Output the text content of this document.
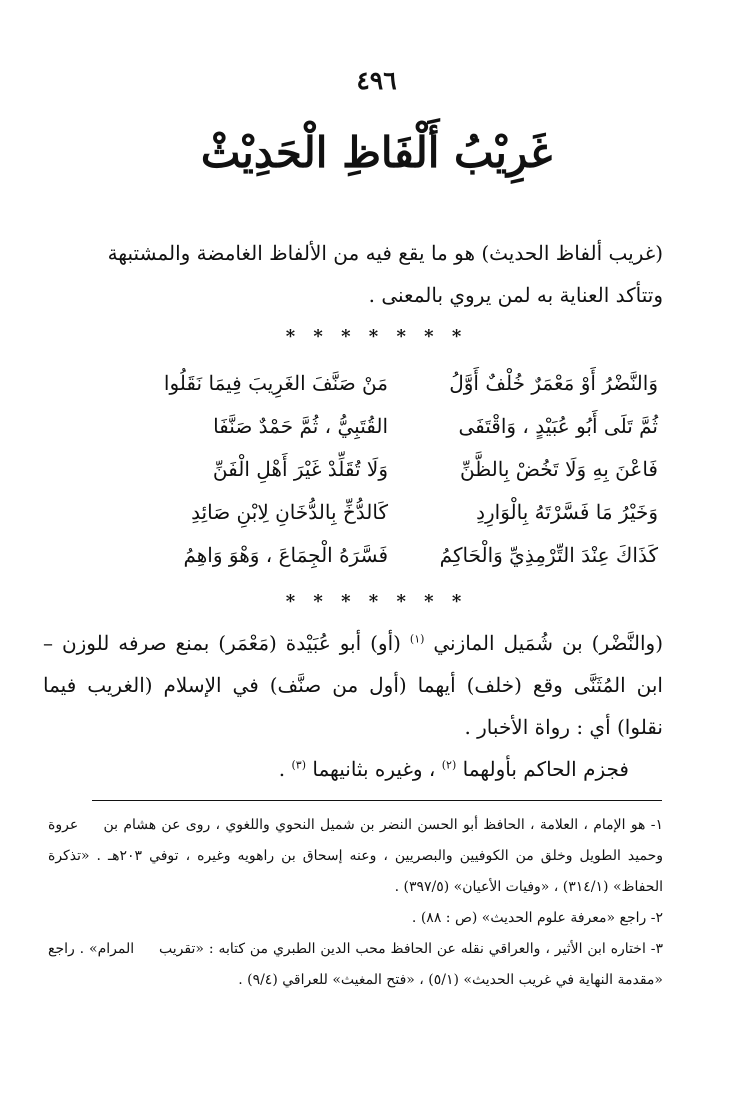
٤٩٦
غَرِيْبُ أَلْفَاظِ الْحَدِيْثْ

(غريب ألفاظ الحديث) هو ما يقع فيه من الألفاظ الغامضة والمشتبهة

وتتأكد العناية به لمن يروي بالمعنى .

* * * * * * *
وَالنَّضْرُ أَوْ مَعْمَرٌ خُلْفٌ أَوَّلُ
مَنْ صَنَّفَ الغَرِيبَ فِيمَا نَقَلُوا
ثُمَّ تَلَى أَبُو عُبَيْدٍ ، وَاقْتَفَى
القُتَبِيُّ ، ثُمَّ حَمْدٌ صَنَّفَا
فَاعْنَ بِهِ وَلَا تَخُضْ بِالظَّنِّ
وَلَا تُقَلِّدْ غَيْرَ أَهْلِ الْفَنِّ
وَخَيْرُ مَا فَسَّرْتَهُ بِالْوَارِدِ
كَالدُّخِّ بِالدُّخَانِ لِابْنِ صَائِدِ
كَذَاكَ عِنْدَ التِّرْمِذِيِّ وَالْحَاكِمُ
فَسَّرَهُ الْجِمَاعَ ، وَهْوَ وَاهِمُ
* * * * * * *

(والنَّضْر) بن شُمَيل المازني $^{(١)}$ (أو) أبو عُبَيْدة (مَعْمَر) بمنع صرفه للوزن – ابن المُثَنَّى وقع (خلف) أيهما (أول من صنَّف) في الإسلام (الغريب فيما نقلوا) أي : رواة الأخبار .

فجزم الحاكم بأولهما $^{(٢)}$ ، وغيره بثانيهما $^{(٣)}$ .

١- هو الإمام ، العلامة ، الحافظ أبو الحسن النضر بن شميل النحوي واللغوي ، روى عن هشام بن عروة وحميد الطويل وخلق من الكوفيين والبصريين ، وعنه إسحاق بن راهويه وغيره ، توفي ٢٠٣هـ . «تذكرة الحفاظ» (٣١٤/١) ، «وفيات الأعيان» (٣٩٧/٥) .

٢- راجع «معرفة علوم الحديث» (ص : ٨٨) .

٣- اختاره ابن الأثير ، والعراقي نقله عن الحافظ محب الدين الطبري من كتابه : «تقريب المرام» . راجع «مقدمة النهاية في غريب الحديث» (٥/١) ، «فتح المغيث» للعراقي (٩/٤) .
